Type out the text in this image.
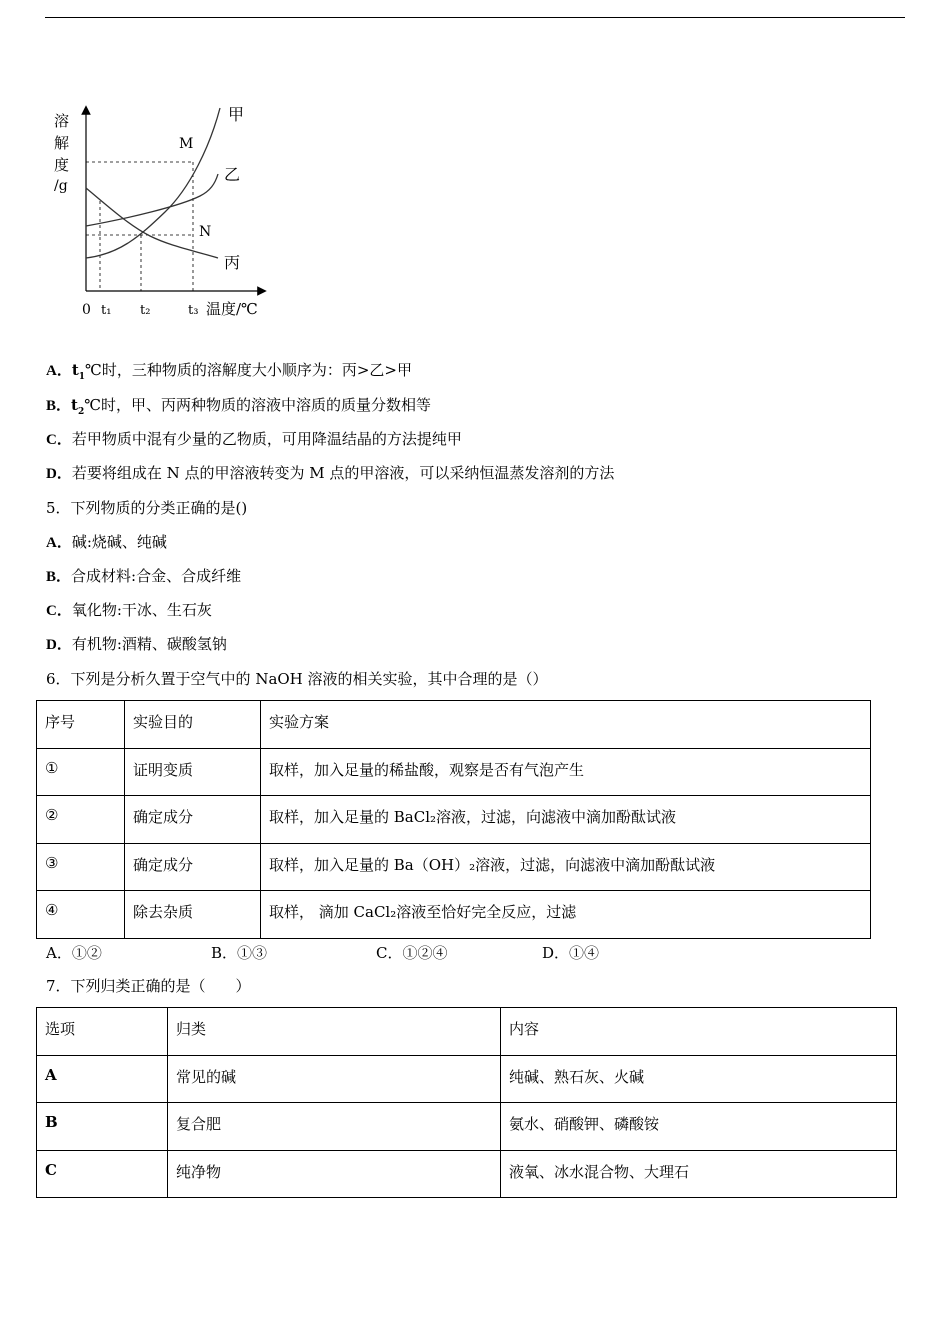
溶
解
度
/g
甲
乙
丙
M
N
0 t₁ t₂	t₃ 温度/℃
A．$t_1℃$时，三种物质的溶解度大小顺序为：丙>乙>甲
B．$t_2℃$时，甲、丙两种物质的溶液中溶质的质量分数相等
C．若甲物质中混有少量的乙物质，可用降温结晶的方法提纯甲
D．若要将组成在 N 点的甲溶液转变为 M 点的甲溶液，可以采纳恒温蒸发溶剂的方法
5．下列物质的分类正确的是()
A．碱:烧碱、纯碱
B．合成材料:合金、合成纤维
C．氧化物:干冰、生石灰
D．有机物:酒精、碳酸氢钠
6．下列是分析久置于空气中的 NaOH 溶液的相关实验，其中合理的是（）
序号	实验目的	实验方案
①	证明变质	取样，加入足量的稀盐酸，观察是否有气泡产生
②	确定成分	取样，加入足量的 BaCl₂溶液，过滤，向滤液中滴加酚酞试液
③	确定成分	取样，加入足量的 Ba（OH）₂溶液，过滤，向滤液中滴加酚酞试液
④	除去杂质	取样， 滴加 CaCl₂溶液至恰好完全反应，过滤
A．①②	B．①③	C．①②④	D．①④
7．下列归类正确的是（　　）
选项	归类	内容
A	常见的碱	纯碱、熟石灰、火碱
B	复合肥	氨水、硝酸钾、磷酸铵
C	纯净物	液氧、冰水混合物、大理石
